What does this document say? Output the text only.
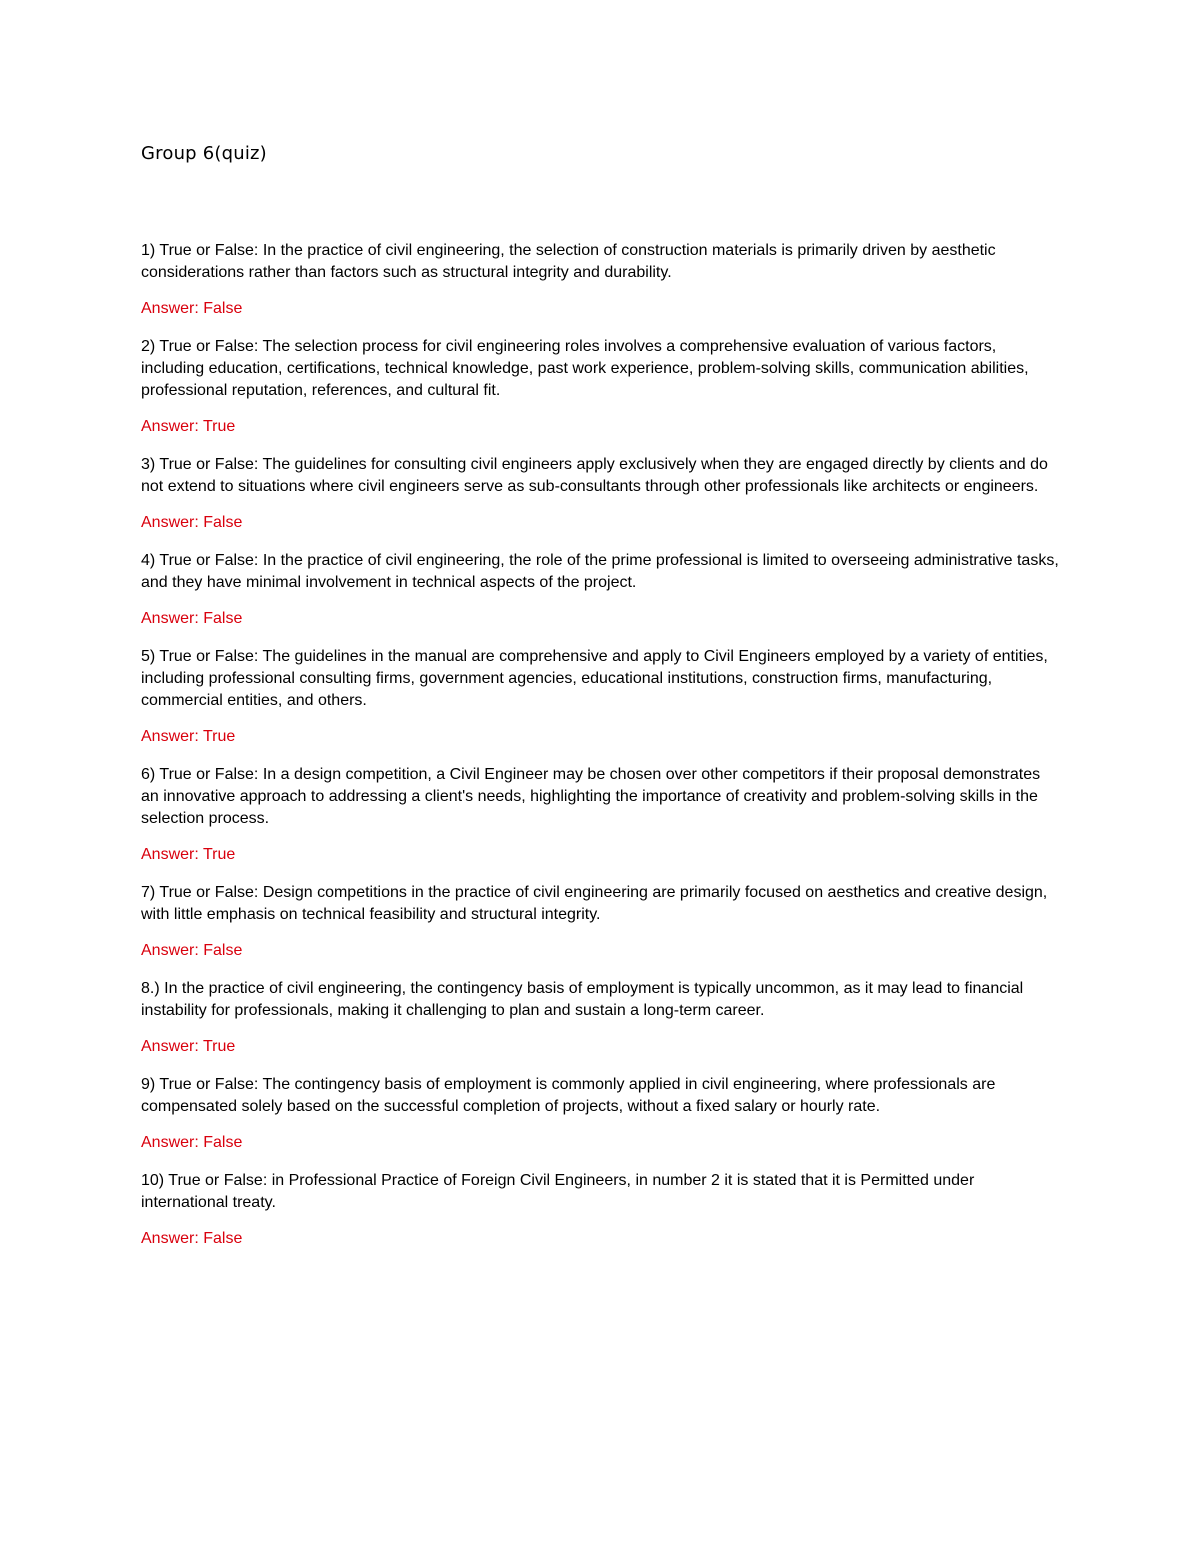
Group 6(quiz)

1) True or False: In the practice of civil engineering, the selection of construction materials is primarily driven by aesthetic considerations rather than factors such as structural integrity and durability.

Answer: False

2) True or False: The selection process for civil engineering roles involves a comprehensive evaluation of various factors, including education, certifications, technical knowledge, past work experience, problem-solving skills, communication abilities, professional reputation, references, and cultural fit.

Answer: True

3) True or False: The guidelines for consulting civil engineers apply exclusively when they are engaged directly by clients and do not extend to situations where civil engineers serve as sub-consultants through other professionals like architects or engineers.

Answer: False

4) True or False: In the practice of civil engineering, the role of the prime professional is limited to overseeing administrative tasks, and they have minimal involvement in technical aspects of the project.

Answer: False

5) True or False: The guidelines in the manual are comprehensive and apply to Civil Engineers employed by a variety of entities, including professional consulting firms, government agencies, educational institutions, construction firms, manufacturing, commercial entities, and others.

Answer: True

6) True or False: In a design competition, a Civil Engineer may be chosen over other competitors if their proposal demonstrates an innovative approach to addressing a client's needs, highlighting the importance of creativity and problem-solving skills in the selection process.

Answer: True

7) True or False: Design competitions in the practice of civil engineering are primarily focused on aesthetics and creative design, with little emphasis on technical feasibility and structural integrity.

Answer: False

8.) In the practice of civil engineering, the contingency basis of employment is typically uncommon, as it may lead to financial instability for professionals, making it challenging to plan and sustain a long-term career.

Answer: True

9) True or False: The contingency basis of employment is commonly applied in civil engineering, where professionals are compensated solely based on the successful completion of projects, without a fixed salary or hourly rate.

Answer: False

10) True or False: in Professional Practice of Foreign Civil Engineers, in number 2 it is stated that it is Permitted under international treaty.

Answer: False
